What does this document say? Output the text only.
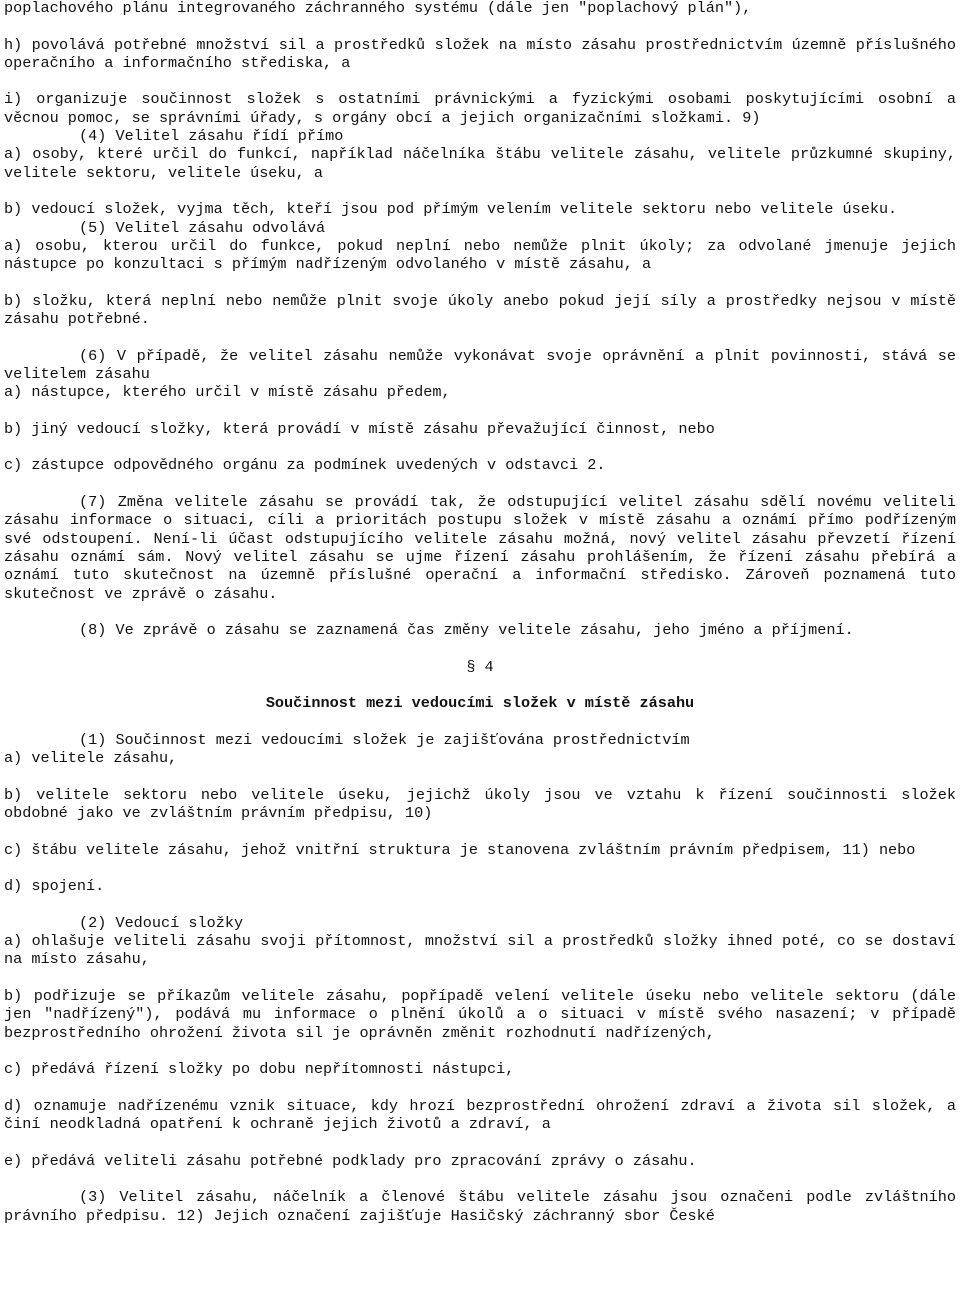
poplachového plánu integrovaného záchranného systému (dále jen "poplachový plán"),

h) povolává potřebné množství sil a prostředků složek na místo zásahu prostřednictvím územně příslušného operačního a informačního střediska, a

i) organizuje součinnost složek s ostatními právnickými a fyzickými osobami poskytujícími osobní a věcnou pomoc, se správními úřady, s orgány obcí a jejich organizačními složkami. 9)

(4) Velitel zásahu řídí přímo

a) osoby, které určil do funkcí, například náčelníka štábu velitele zásahu, velitele průzkumné skupiny, velitele sektoru, velitele úseku, a

b) vedoucí složek, vyjma těch, kteří jsou pod přímým velením velitele sektoru nebo velitele úseku.

(5) Velitel zásahu odvolává

a) osobu, kterou určil do funkce, pokud neplní nebo nemůže plnit úkoly; za odvolané jmenuje jejich nástupce po konzultaci s přímým nadřízeným odvolaného v místě zásahu, a

b) složku, která neplní nebo nemůže plnit svoje úkoly anebo pokud její síly a prostředky nejsou v místě zásahu potřebné.

(6) V případě, že velitel zásahu nemůže vykonávat svoje oprávnění a plnit povinnosti, stává se velitelem zásahu

a) nástupce, kterého určil v místě zásahu předem,

b) jiný vedoucí složky, která provádí v místě zásahu převažující činnost, nebo

c) zástupce odpovědného orgánu za podmínek uvedených v odstavci 2.

(7) Změna velitele zásahu se provádí tak, že odstupující velitel zásahu sdělí novému veliteli zásahu informace o situaci, cíli a prioritách postupu složek v místě zásahu a oznámí přímo podřízeným své odstoupení. Není-li účast odstupujícího velitele zásahu možná, nový velitel zásahu převzetí řízení zásahu oznámí sám. Nový velitel zásahu se ujme řízení zásahu prohlášením, že řízení zásahu přebírá a oznámí tuto skutečnost na územně příslušné operační a informační středisko. Zároveň poznamená tuto skutečnost ve zprávě o zásahu.

(8) Ve zprávě o zásahu se zaznamená čas změny velitele zásahu, jeho jméno a příjmení.

§ 4

Součinnost mezi vedoucími složek v místě zásahu

(1) Součinnost mezi vedoucími složek je zajišťována prostřednictvím

a) velitele zásahu,

b) velitele sektoru nebo velitele úseku, jejichž úkoly jsou ve vztahu k řízení součinnosti složek obdobné jako ve zvláštním právním předpisu, 10)

c) štábu velitele zásahu, jehož vnitřní struktura je stanovena zvláštním právním předpisem, 11) nebo

d) spojení.

(2) Vedoucí složky

a) ohlašuje veliteli zásahu svoji přítomnost, množství sil a prostředků složky ihned poté, co se dostaví na místo zásahu,

b) podřizuje se příkazům velitele zásahu, popřípadě velení velitele úseku nebo velitele sektoru (dále jen "nadřízený"), podává mu informace o plnění úkolů a o situaci v místě svého nasazení; v případě bezprostředního ohrožení života sil je oprávněn změnit rozhodnutí nadřízených,

c) předává řízení složky po dobu nepřítomnosti nástupci,

d) oznamuje nadřízenému vznik situace, kdy hrozí bezprostřední ohrožení zdraví a života sil složek, a činí neodkladná opatření k ochraně jejich životů a zdraví, a

e) předává veliteli zásahu potřebné podklady pro zpracování zprávy o zásahu.

(3) Velitel zásahu, náčelník a členové štábu velitele zásahu jsou označeni podle zvláštního právního předpisu. 12) Jejich označení zajišťuje Hasičský záchranný sbor České
